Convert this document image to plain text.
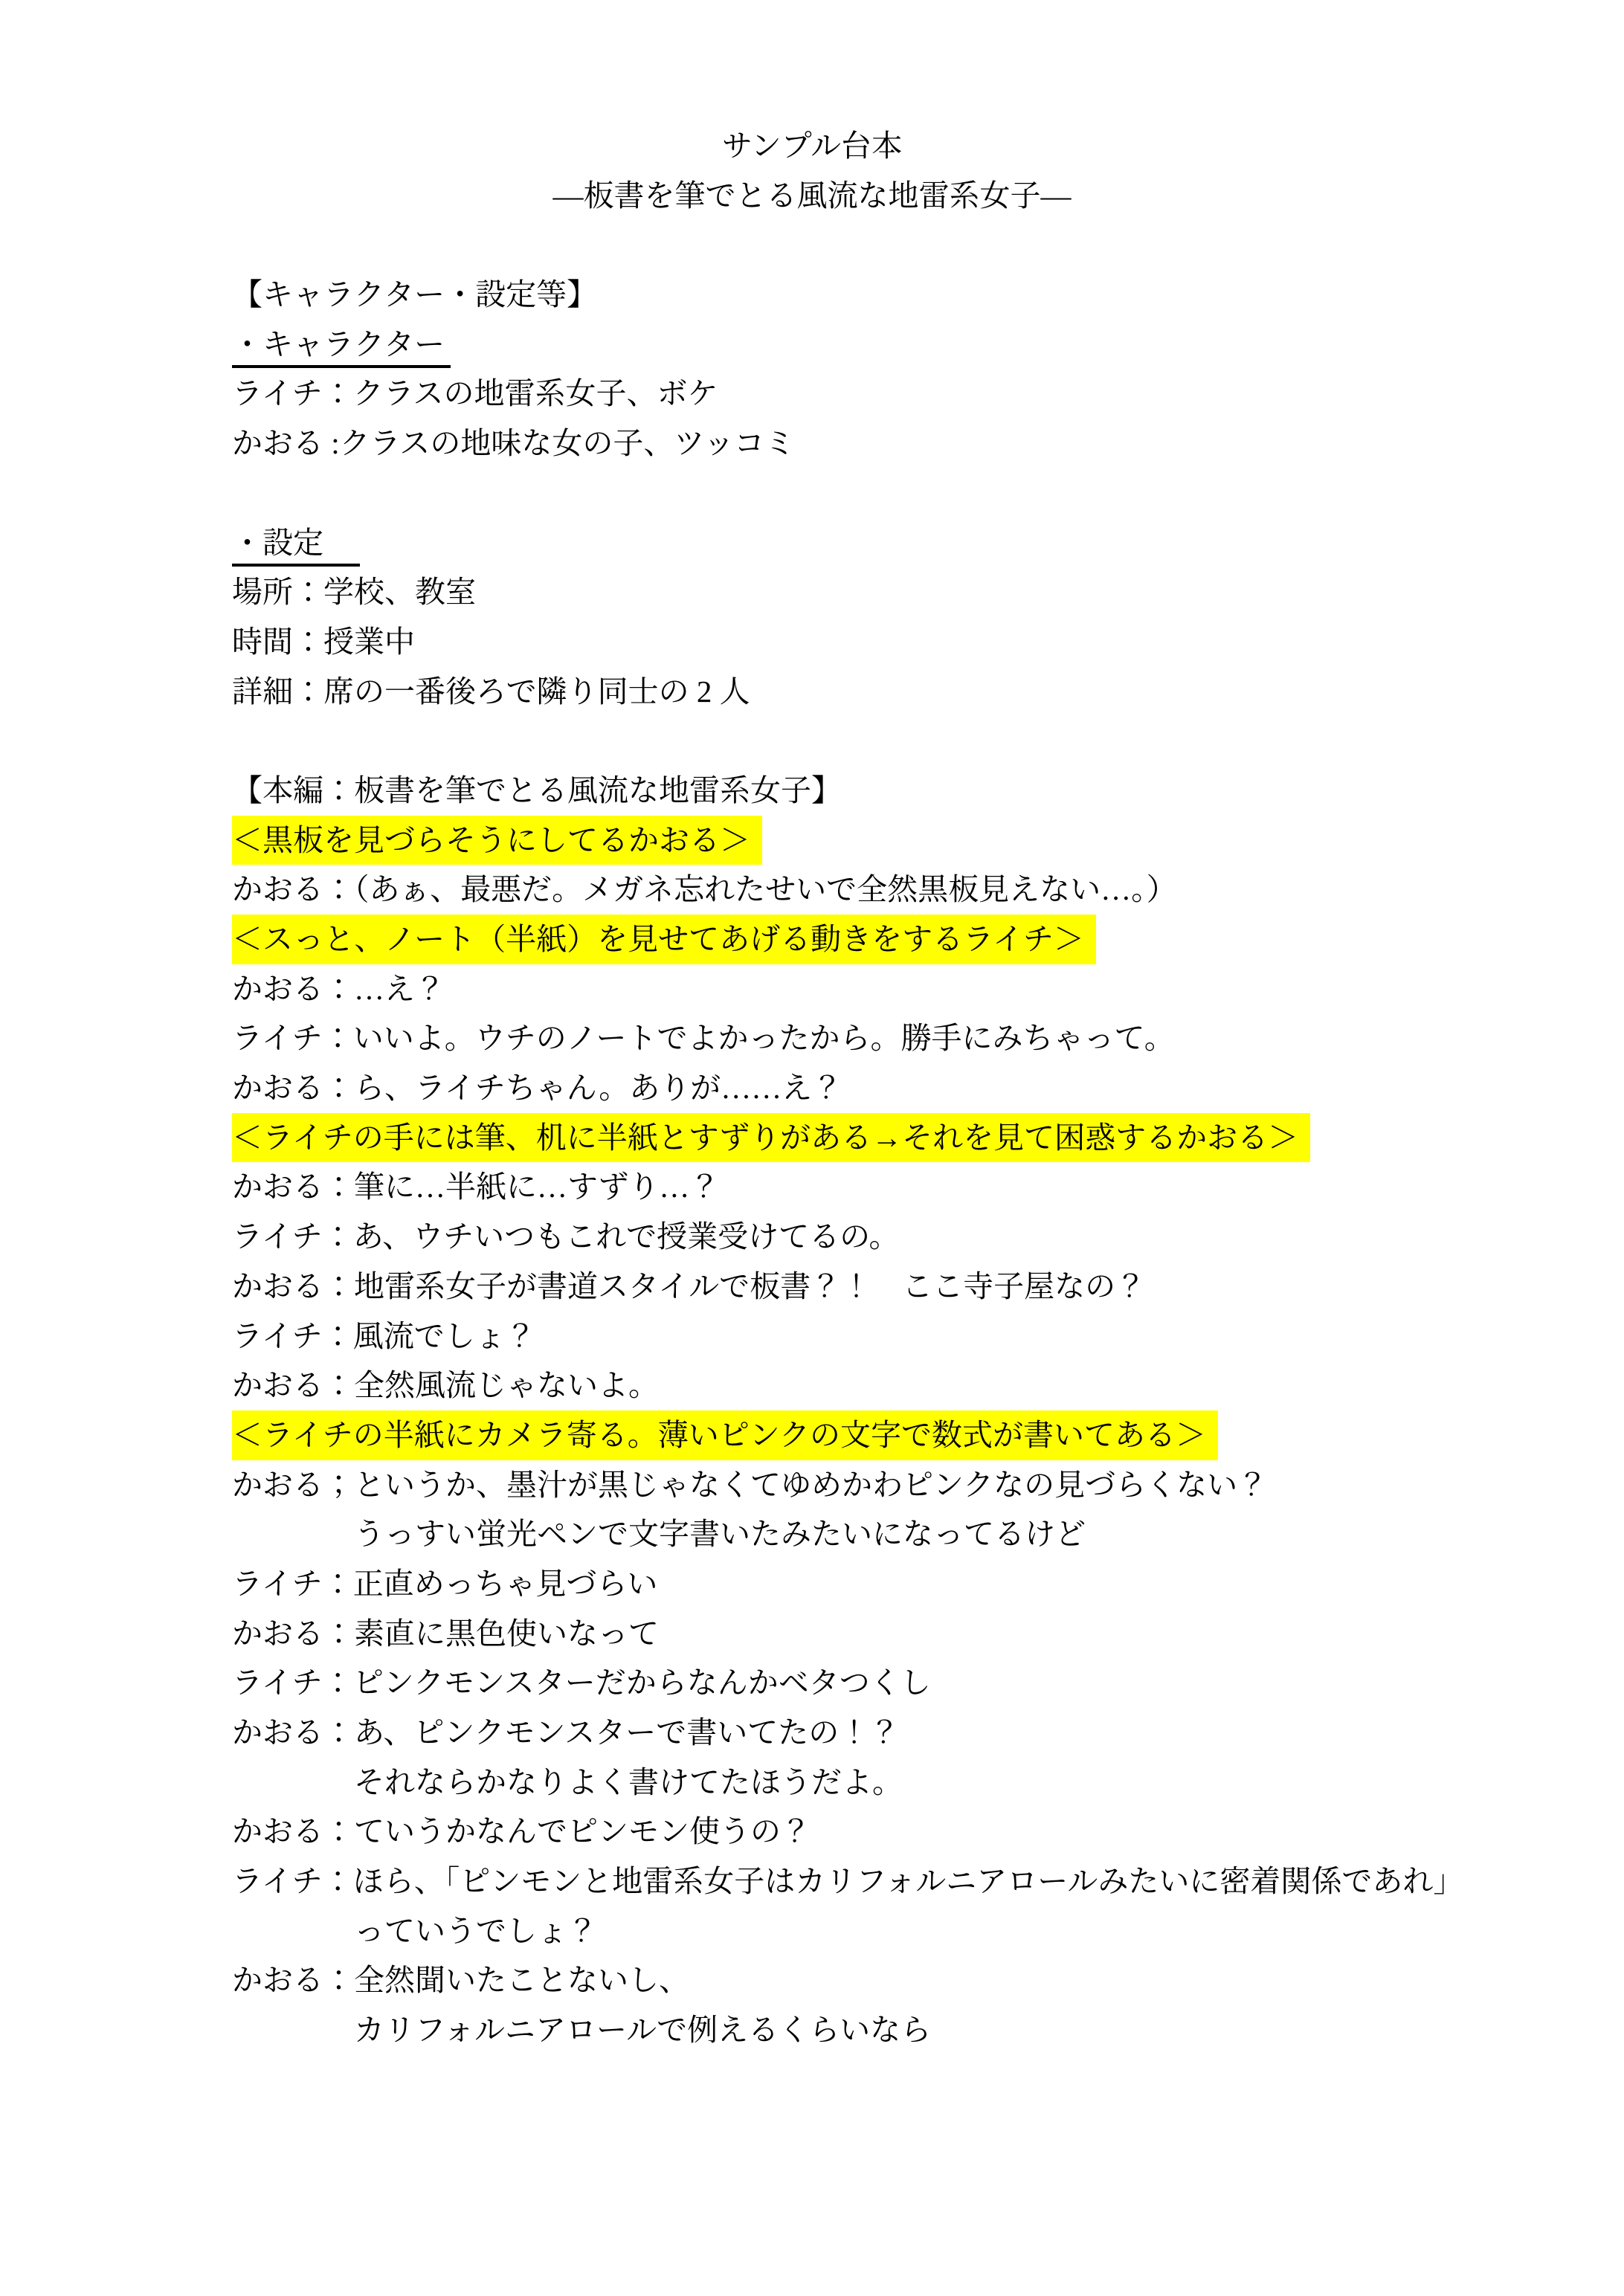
サンプル台本
―板書を筆でとる風流な地雷系女子―
【キャラクター・設定等】
・キャラクター
ライチ：クラスの地雷系女子、ボケ
かおる :クラスの地味な女の子、ツッコミ
・設定　
場所：学校、教室
時間：授業中
詳細：席の一番後ろで隣り同士の 2 人
【本編：板書を筆でとる風流な地雷系女子】
＜黒板を見づらそうにしてるかおる＞
かおる：（あぁ、最悪だ。メガネ忘れたせいで全然黒板見えない…。）
＜スっと、ノート（半紙）を見せてあげる動きをするライチ＞
かおる：…え？
ライチ：いいよ。ウチのノートでよかったから。勝手にみちゃって。
かおる：ら、ライチちゃん。ありが……え？
＜ライチの手には筆、机に半紙とすずりがある→それを見て困惑するかおる＞
かおる：筆に…半紙に…すずり…？
ライチ：あ、ウチいつもこれで授業受けてるの。
かおる：地雷系女子が書道スタイルで板書？！　ここ寺子屋なの？
ライチ：風流でしょ？
かおる：全然風流じゃないよ。
＜ライチの半紙にカメラ寄る。薄いピンクの文字で数式が書いてある＞
かおる；というか、墨汁が黒じゃなくてゆめかわピンクなの見づらくない？
うっすい蛍光ペンで文字書いたみたいになってるけど
ライチ：正直めっちゃ見づらい
かおる：素直に黒色使いなって
ライチ：ピンクモンスターだからなんかベタつくし
かおる：あ、ピンクモンスターで書いてたの！？
それならかなりよく書けてたほうだよ。
かおる：ていうかなんでピンモン使うの？
ライチ：ほら、「ピンモンと地雷系女子はカリフォルニアロールみたいに密着関係であれ」
っていうでしょ？
かおる：全然聞いたことないし、
カリフォルニアロールで例えるくらいなら
